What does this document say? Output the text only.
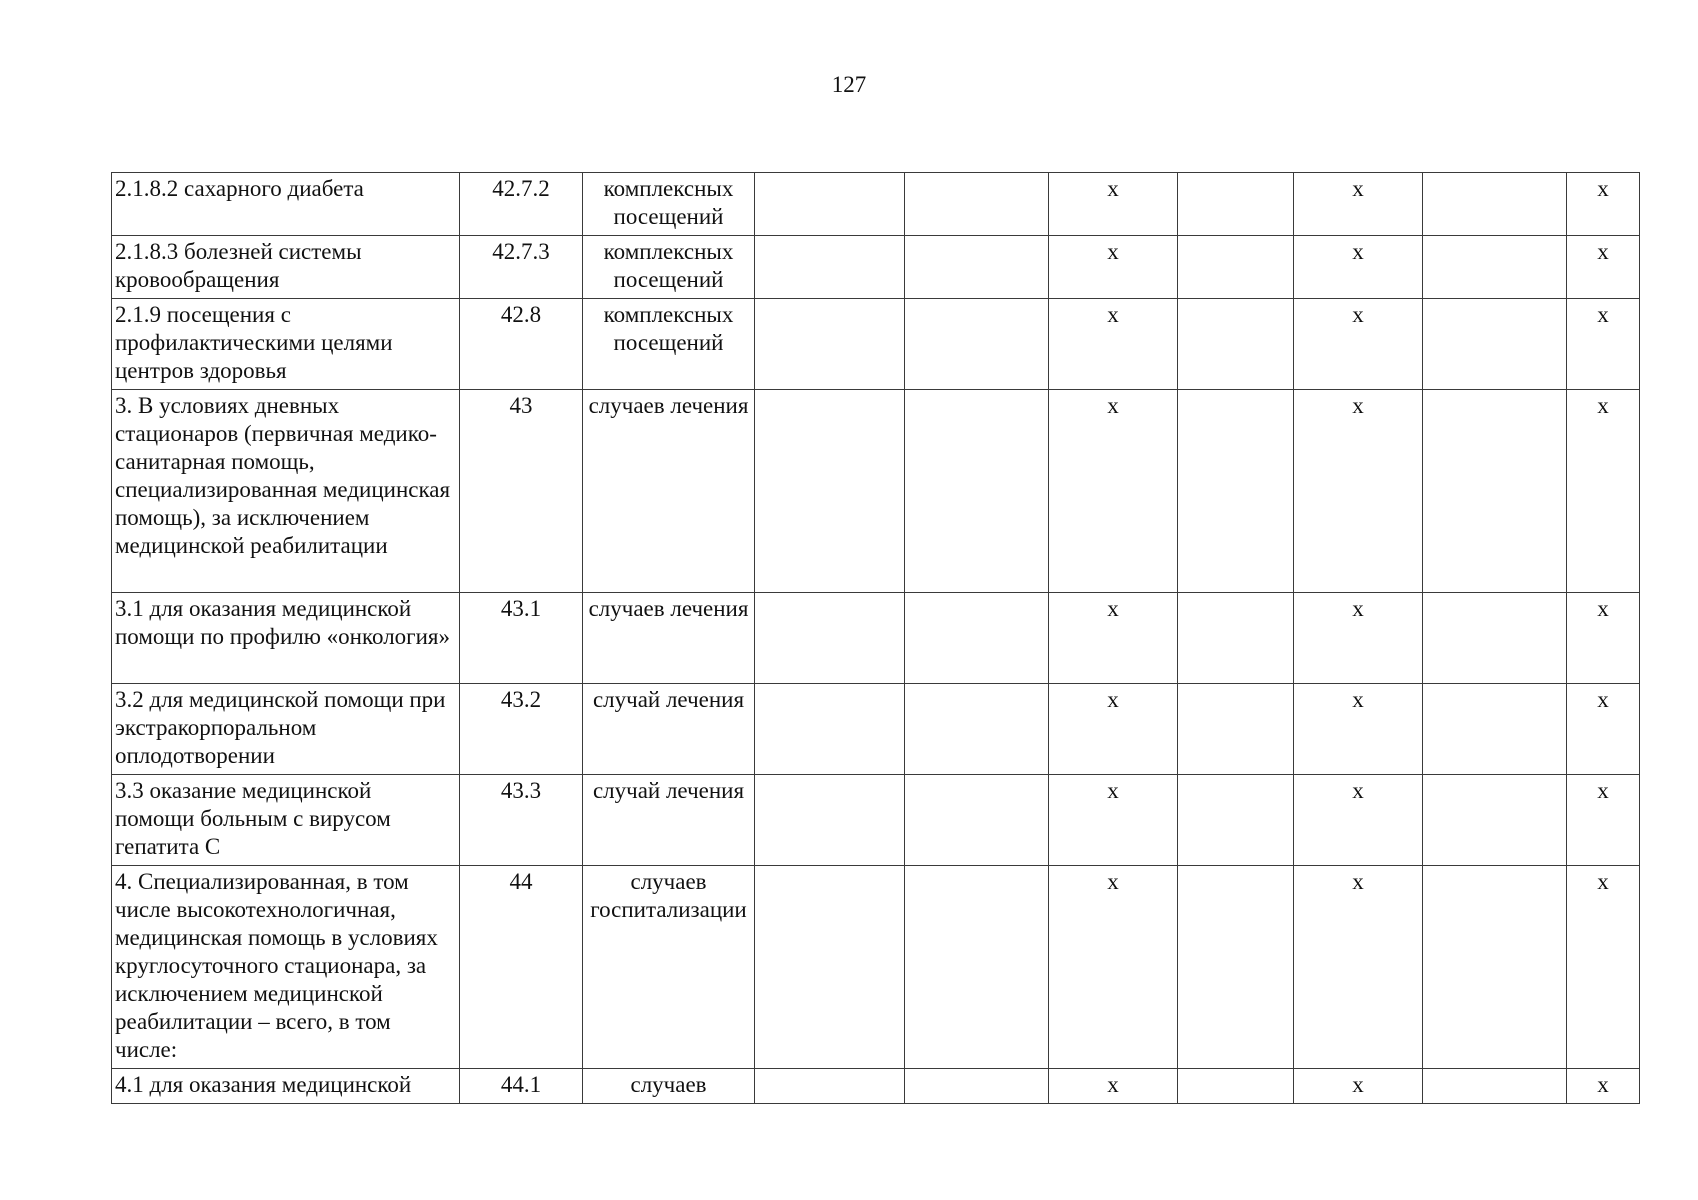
127
2.1.8.2 сахарного диабета	42.7.2	комплексных посещений			x		x		x
2.1.8.3 болезней системы кровообращения	42.7.3	комплексных посещений			x		x		x
2.1.9 посещения с профилактическими целями центров здоровья	42.8	комплексных посещений			x		x		x
3. В условиях дневных стационаров (первичная медико-санитарная помощь, специализированная медицинская помощь), за исключением медицинской реабилитации	43	случаев лечения			x		x		x
3.1 для оказания медицинской помощи по профилю «онкология»	43.1	случаев лечения			x		x		x
3.2 для медицинской помощи при экстракорпоральном оплодотворении	43.2	случай лечения			x		x		x
3.3 оказание медицинской помощи больным с вирусом гепатита С	43.3	случай лечения			x		x		x
4. Специализированная, в том числе высокотехнологичная, медицинская помощь в условиях круглосуточного стационара, за исключением медицинской реабилитации – всего, в том числе:	44	случаев госпитализации			x		x		x
4.1 для оказания медицинской	44.1	случаев			x		x		x
